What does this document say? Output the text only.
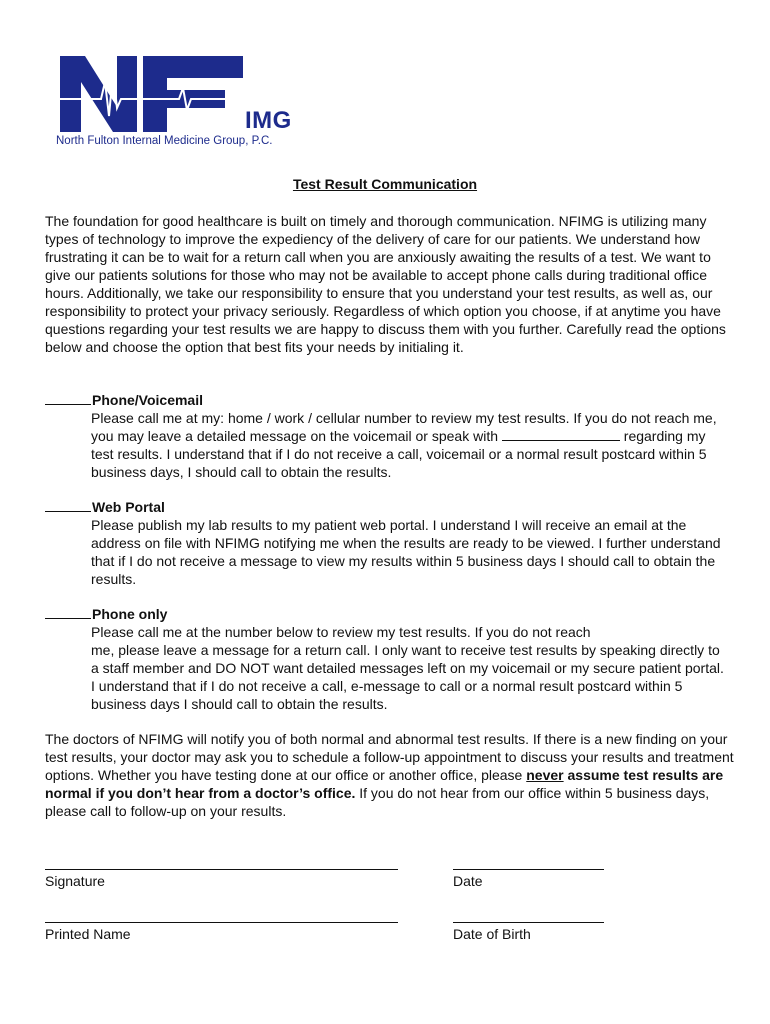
IMG
North Fulton Internal Medicine Group, P.C.
Test Result Communication

The foundation for good healthcare is built on timely and thorough communication. NFIMG is utilizing many types of technology to improve the expediency of the delivery of care for our patients. We understand how frustrating it can be to wait for a return call when you are anxiously awaiting the results of a test. We want to give our patients solutions for those who may not be available to accept phone calls during traditional office hours. Additionally, we take our responsibility to ensure that you understand your test results, as well as, our responsibility to protect your privacy seriously. Regardless of which option you choose, if at anytime you have questions regarding your test results we are happy to discuss them with you further. Carefully read the options below and choose the option that best fits your needs by initialing it.

Phone/Voicemail

Please call me at my: home / work / cellular number to review my test results. If you do not reach me, you may leave a detailed message on the voicemail or speak with	regarding my test results. I understand that if I do not receive a call, voicemail or a normal result postcard within 5 business days, I should call to obtain the results.

Web Portal

Please publish my lab results to my patient web portal. I understand I will receive an email at the address on file with NFIMG notifying me when the results are ready to be viewed. I further understand that if I do not receive a message to view my results within 5 business days I should call to obtain the results.

Phone only

Please call me at the number below to review my test results. If you do not reach
me, please leave a message for a return call. I only want to receive test results by speaking directly to a staff member and DO NOT want detailed messages left on my voicemail or my secure patient portal. I understand that if I do not receive a call, e-message to call or a normal result postcard within 5 business days I should call to obtain the results.

The doctors of NFIMG will notify you of both normal and abnormal test results. If there is a new finding on your test results, your doctor may ask you to schedule a follow-up appointment to discuss your results and treatment options. Whether you have testing done at our office or another office, please never assume test results are normal if you don’t hear from a doctor’s office. If you do not hear from our office within 5 business days, please call to follow-up on your results.

Signature	Date
Printed Name	Date of Birth
